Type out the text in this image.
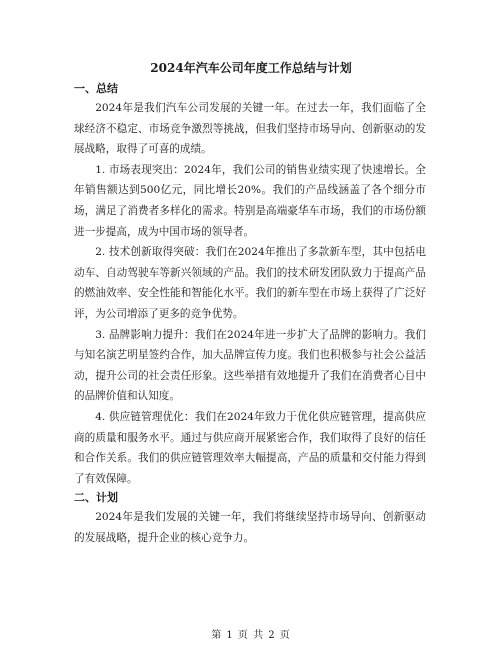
2024年汽车公司年度工作总结与计划

一、总结

2024年是我们汽车公司发展的关键一年。在过去一年，我们面临了全球经济不稳定、市场竞争激烈等挑战，但我们坚持市场导向、创新驱动的发展战略，取得了可喜的成绩。

1. 市场表现突出：2024年，我们公司的销售业绩实现了快速增长。全年销售额达到500亿元，同比增长20%。我们的产品线涵盖了各个细分市场，满足了消费者多样化的需求。特别是高端豪华车市场，我们的市场份额进一步提高，成为中国市场的领导者。

2. 技术创新取得突破：我们在2024年推出了多款新车型，其中包括电动车、自动驾驶车等新兴领域的产品。我们的技术研发团队致力于提高产品的燃油效率、安全性能和智能化水平。我们的新车型在市场上获得了广泛好评，为公司增添了更多的竞争优势。

3. 品牌影响力提升：我们在2024年进一步扩大了品牌的影响力。我们与知名演艺明星签约合作，加大品牌宣传力度。我们也积极参与社会公益活动，提升公司的社会责任形象。这些举措有效地提升了我们在消费者心目中的品牌价值和认知度。

4. 供应链管理优化：我们在2024年致力于优化供应链管理，提高供应商的质量和服务水平。通过与供应商开展紧密合作，我们取得了良好的信任和合作关系。我们的供应链管理效率大幅提高，产品的质量和交付能力得到了有效保障。

二、计划

2024年是我们发展的关键一年，我们将继续坚持市场导向、创新驱动的发展战略，提升企业的核心竞争力。

第 1 页 共 2 页
